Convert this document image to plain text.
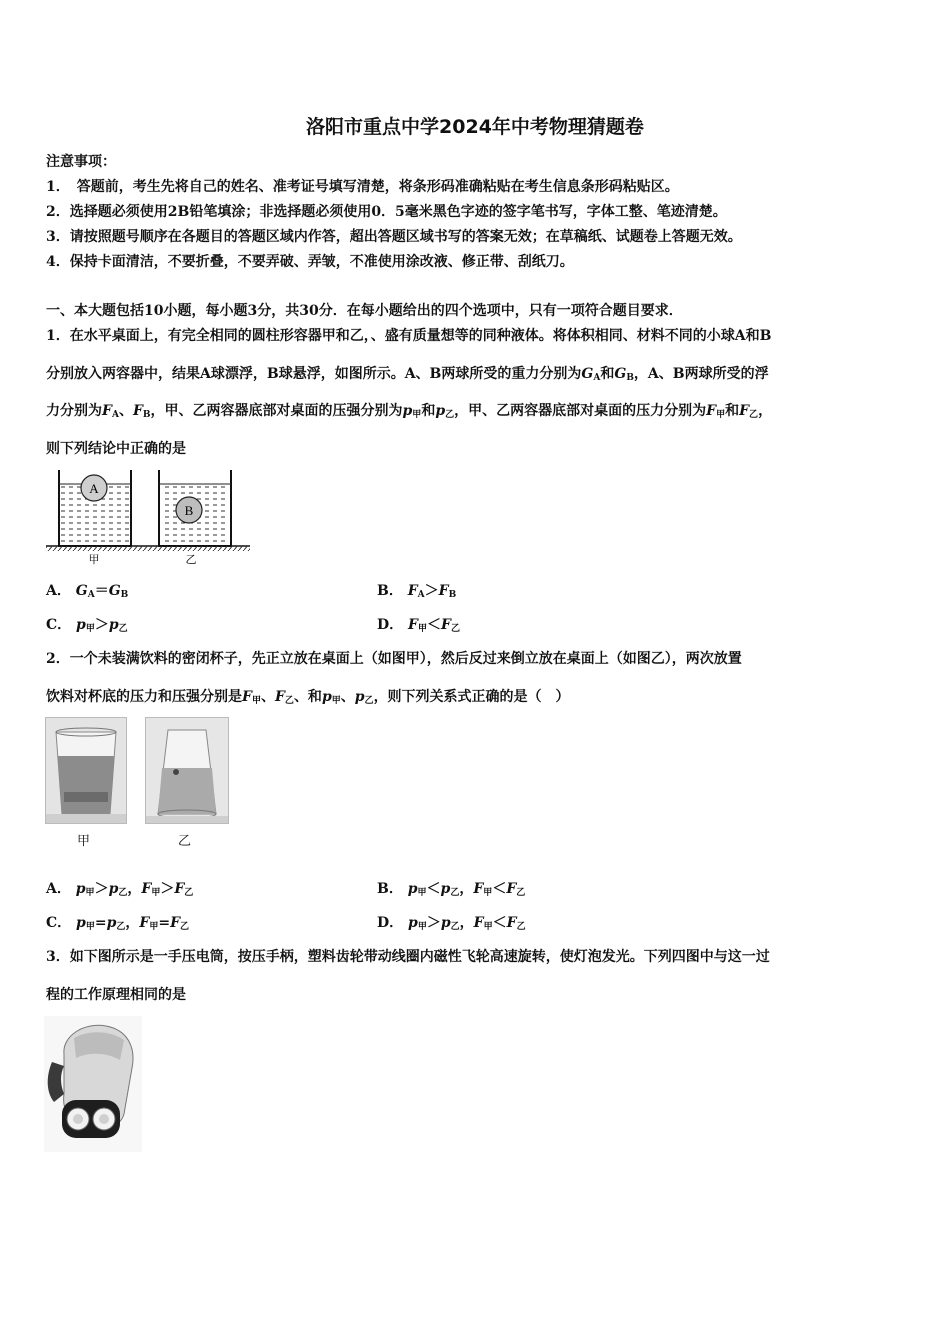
洛阳市重点中学2024年中考物理猜题卷
注意事项：
1．　答题前，考生先将自己的姓名、准考证号填写清楚，将条形码准确粘贴在考生信息条形码粘贴区。
2．选择题必须使用2B铅笔填涂；非选择题必须使用0．5毫米黑色字迹的签字笔书写，字体工整、笔迹清楚。
3．请按照题号顺序在各题目的答题区域内作答，超出答题区域书写的答案无效；在草稿纸、试题卷上答题无效。
4．保持卡面清洁，不要折叠，不要弄破、弄皱，不准使用涂改液、修正带、刮纸刀。
一、本大题包括10小题，每小题3分，共30分．在每小题给出的四个选项中，只有一项符合题目要求．
1．在水平桌面上，有完全相同的圆柱形容器甲和乙，、盛有质量想等的同种液体。将体积相同、材料不同的小球A和B
分别放入两容器中，结果A球漂浮，B球悬浮，如图所示。A、B两球所受的重力分别为$G_A$和$G_B$，A、B两球所受的浮
力分别为$F_A$、$F_B$，甲、乙两容器底部对桌面的压强分别为$p_甲$和$p_乙$，甲、乙两容器底部对桌面的压力分别为$F_甲$和$F_乙$，
则下列结论中正确的是
A
B
甲	乙
A． $G_A=G_B$	B． $F_A>F_B$
C． $p_甲>p_乙$	D． $F_甲<F_乙$
2．一个未装满饮料的密闭杯子，先正立放在桌面上（如图甲），然后反过来倒立放在桌面上（如图乙），两次放置
饮料对杯底的压力和压强分别是$F_甲$、$F_乙$、和$p_甲$、$p_乙$，则下列关系式正确的是（　）
甲	乙
A． $p_甲>p_乙$，$F_甲>F_乙$	B． $p_甲<p_乙$，$F_甲<F_乙$
C． $p_甲=p_乙$，$F_甲=F_乙$	D． $p_甲>p_乙$，$F_甲<F_乙$
3．如下图所示是一手压电筒，按压手柄，塑料齿轮带动线圈内磁性飞轮高速旋转，使灯泡发光。下列四图中与这一过
程的工作原理相同的是
